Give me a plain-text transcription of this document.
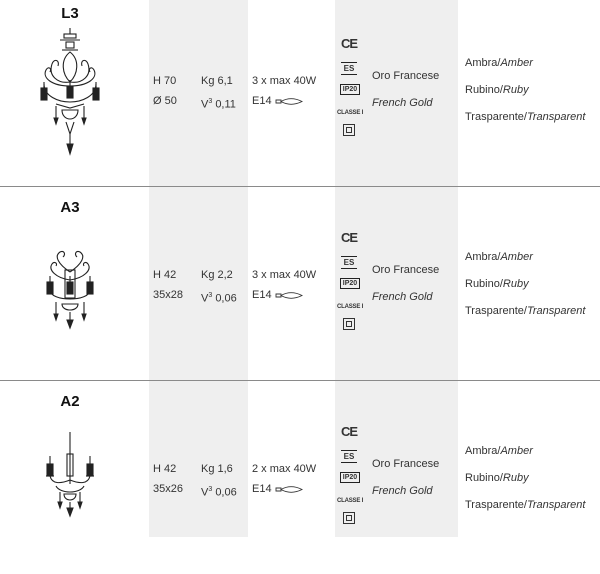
L3
H 70
Ø 50
Kg 6,1
$V^3$ 0,11
3 x max 40W
E14
CE
ES
IP20
CLASSE I
Oro Francese
French Gold
Ambra/Amber
Rubino/Ruby
Trasparente/Transparent
A3
H 42
35x28
Kg 2,2
$V^3$ 0,06
3 x max 40W
E14
CE
ES
IP20
CLASSE I
Oro Francese
French Gold
Ambra/Amber
Rubino/Ruby
Trasparente/Transparent
A2
H 42
35x26
Kg 1,6
$V^3$ 0,06
2 x max 40W
E14
CE
ES
IP20
CLASSE I
Oro Francese
French Gold
Ambra/Amber
Rubino/Ruby
Trasparente/Transparent
